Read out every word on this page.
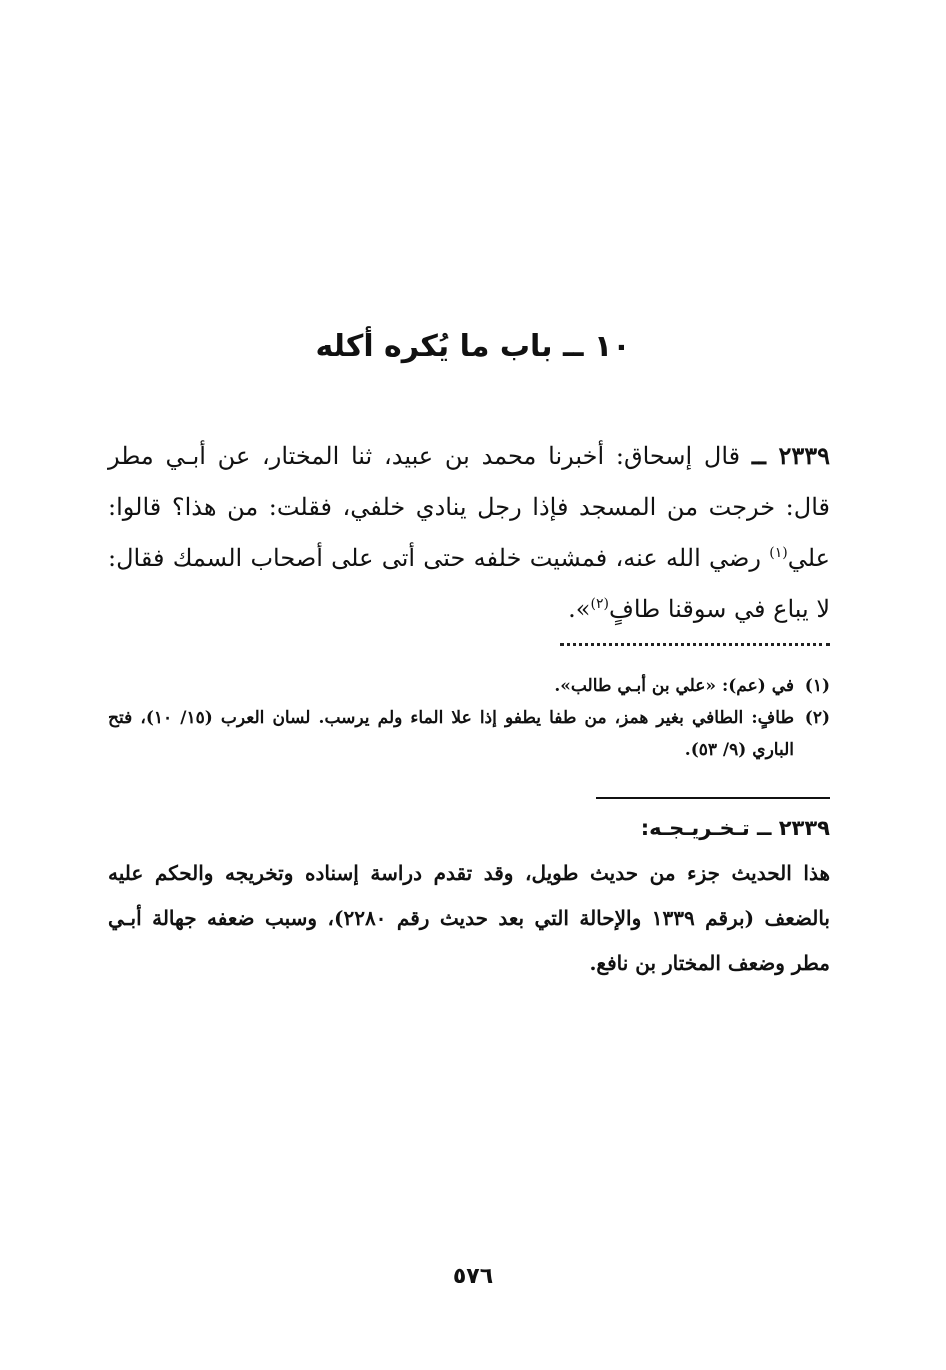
١٠ ــ باب ما يُكره أكله
٢٣٣٩ ــ قال إسحاق: أخبرنا محمد بن عبيد، ثنا المختار، عن أبـي مطر قال: خرجت من المسجد فإذا رجل ينادي خلفي، فقلت: من هذا؟ قالوا: علي$^{(١)}$ رضي الله عنه، فمشيت خلفه حتى أتى على أصحاب السمك فقال: لا يباع في سوقنا طافٍ$^{(٢)}$».
(١)
في (عم): «علي بن أبـي طالب».
(٢)
طافٍ: الطافي بغير همز، من طفا يطفو إذا علا الماء ولم يرسب. لسان العرب (١٥/ ١٠)، فتح الباري (٩/ ٥٣).
٢٣٣٩ ــ تـخـريـجـه:
هذا الحديث جزء من حديث طويل، وقد تقدم دراسة إسناده وتخريجه والحكم عليه بالضعف (برقم ١٣٣٩ والإحالة التي بعد حديث رقم ٢٢٨٠)، وسبب ضعفه جهالة أبـي مطر وضعف المختار بن نافع.
٥٧٦
